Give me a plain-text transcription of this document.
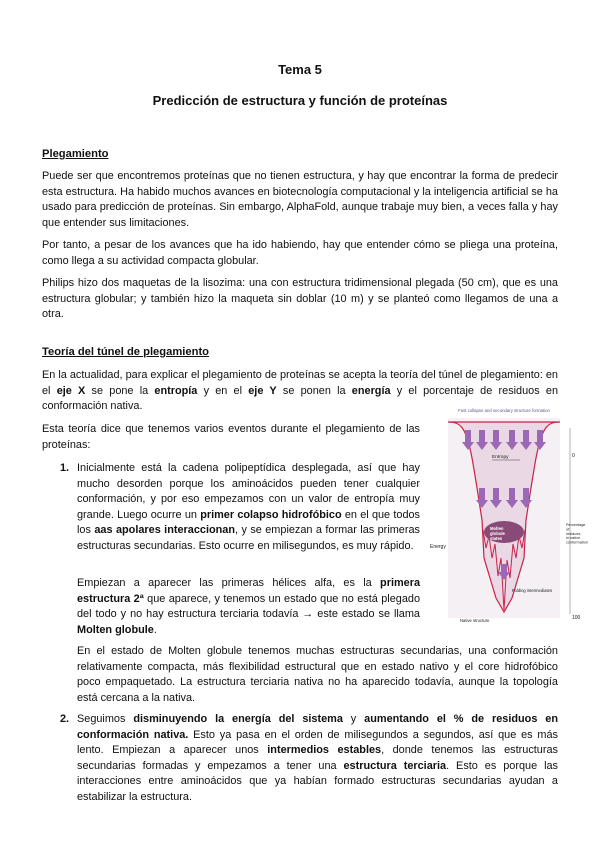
Tema 5
Predicción de estructura y función de proteínas
Plegamiento
Puede ser que encontremos proteínas que no tienen estructura, y hay que encontrar la forma de predecir esta estructura. Ha habido muchos avances en biotecnología computacional y la inteligencia artificial se ha usado para predicción de proteínas. Sin embargo, AlphaFold, aunque trabaje muy bien, a veces falla y hay que entender sus limitaciones.
Por tanto, a pesar de los avances que ha ido habiendo, hay que entender cómo se pliega una proteína, como llega a su actividad compacta globular.
Philips hizo dos maquetas de la lisozima: una con estructura tridimensional plegada (50 cm), que es una estructura globular; y también hizo la maqueta sin doblar (10 m) y se planteó como llegamos de una a otra.
Teoría del túnel de plegamiento
En la actualidad, para explicar el plegamiento de proteínas se acepta la teoría del túnel de plegamiento: en el eje X se pone la entropía y en el eje Y se ponen la energía y el porcentaje de residuos en conformación nativa.
Esta teoría dice que tenemos varios eventos durante el plegamiento de las proteínas:
1. Inicialmente está la cadena polipeptídica desplegada, así que hay mucho desorden porque los aminoácidos pueden tener cualquier conformación, y por eso empezamos con un valor de entropía muy grande. Luego ocurre un primer colapso hidrofóbico en el que todos los aas apolares interaccionan, y se empiezan a formar las primeras estructuras secundarias. Esto ocurre en milisegundos, es muy rápido.
Empiezan a aparecer las primeras hélices alfa, es la primera estructura 2ª que aparece, y tenemos un estado que no está plegado del todo y no hay estructura terciaria todavía → este estado se llama Molten globule.
En el estado de Molten globule tenemos muchas estructuras secundarias, una conformación relativamente compacta, más flexibilidad estructural que en estado nativo y el core hidrofóbico poco empaquetado. La estructura terciaria nativa no ha aparecido todavía, aunque la topología está cercana a la nativa.
2. Seguimos disminuyendo la energía del sistema y aumentando el % de residuos en conformación nativa. Esto ya pasa en el orden de milisegundos a segundos, así que es más lento. Empiezan a aparecer unos intermedios estables, donde tenemos las estructuras secundarias formadas y empezamos a tener una estructura terciaria. Esto es porque las interacciones entre aminoácidos que ya habían formado estructuras secundarias ayudan a estabilizar la estructura.
Fast collapse and secondary structure formation
Entropy	0
Energy
Molten globule states
Percentage of residues in native conformation
Folding intermediates
Native structure	100
